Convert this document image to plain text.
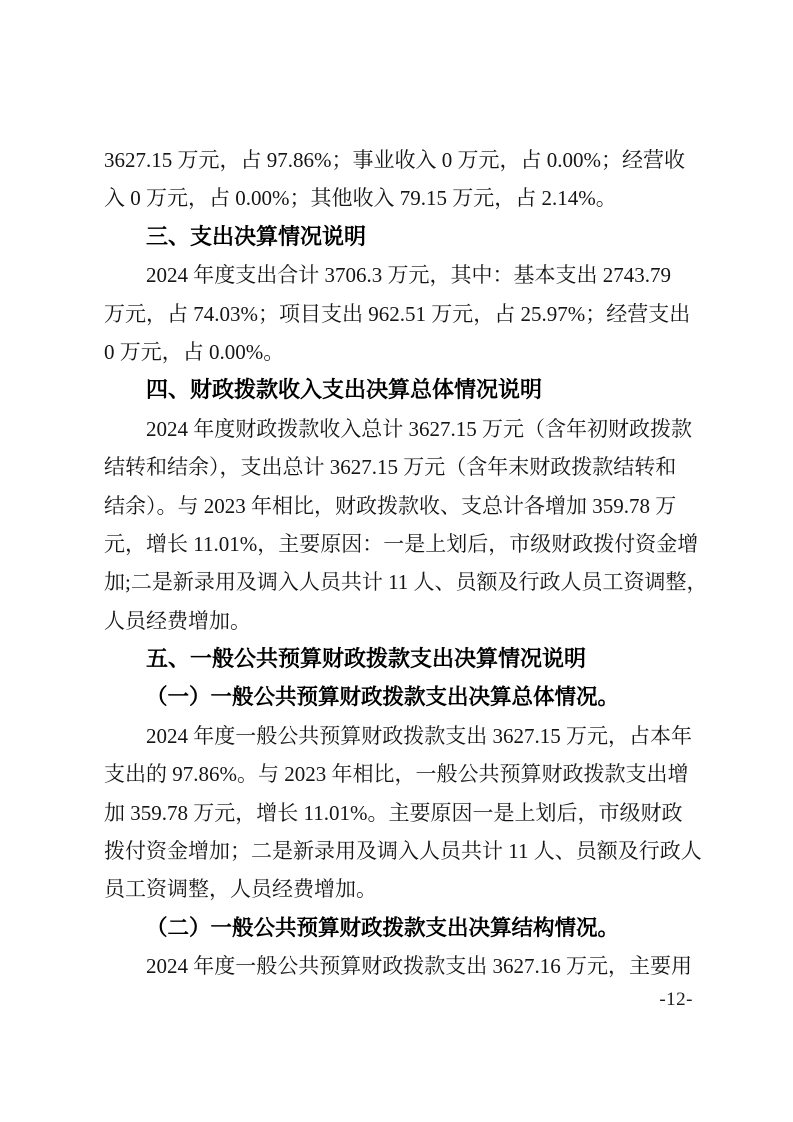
3627.15 万元，占 97.86%；事业收入 0 万元，占 0.00%；经营收
入 0 万元，占 0.00%；其他收入 79.15 万元，占 2.14%。
三、支出决算情况说明
2024 年度支出合计 3706.3 万元，其中：基本支出 2743.79
万元，占 74.03%；项目支出 962.51 万元，占 25.97%；经营支出
0 万元，占 0.00%。
四、财政拨款收入支出决算总体情况说明
2024 年度财政拨款收入总计 3627.15 万元（含年初财政拨款
结转和结余），支出总计 3627.15 万元（含年末财政拨款结转和
结余）。与 2023 年相比，财政拨款收、支总计各增加 359.78 万
元，增长 11.01%，主要原因：一是上划后，市级财政拨付资金增
加;二是新录用及调入人员共计 11 人、员额及行政人员工资调整，
人员经费增加。
五、一般公共预算财政拨款支出决算情况说明
（一）一般公共预算财政拨款支出决算总体情况。
2024 年度一般公共预算财政拨款支出 3627.15 万元，占本年
支出的 97.86%。与 2023 年相比，一般公共预算财政拨款支出增
加 359.78 万元，增长 11.01%。主要原因一是上划后，市级财政
拨付资金增加；二是新录用及调入人员共计 11 人、员额及行政人
员工资调整，人员经费增加。
（二）一般公共预算财政拨款支出决算结构情况。
2024 年度一般公共预算财政拨款支出 3627.16 万元，主要用
-12-
